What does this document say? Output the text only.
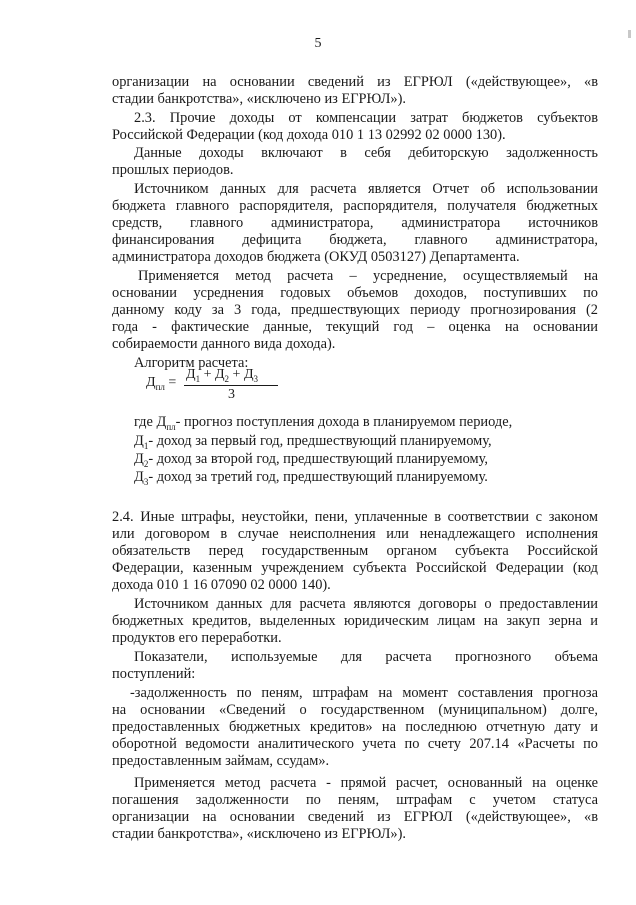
5
организации на основании сведений из ЕГРЮЛ («действующее», «в
стадии банкротства», «исключено из ЕГРЮЛ»).
2.3. Прочие доходы от компенсации затрат бюджетов субъектов
Российской Федерации (код дохода 010 1 13 02992 02 0000 130).
Данные доходы включают в себя дебиторскую задолженность
прошлых периодов.
Источником данных для расчета является Отчет об использовании
бюджета главного распорядителя, распорядителя, получателя бюджетных
средств, главного администратора, администратора источников
финансирования дефицита бюджета, главного администратора,
администратора доходов бюджета (ОКУД 0503127) Департамента.
Применяется метод расчета – усреднение, осуществляемый на
основании усреднения годовых объемов доходов, поступивших по
данному коду за 3 года, предшествующих периоду прогнозирования (2
года - фактические данные, текущий год – оценка на основании
собираемости данного вида дохода).
Алгоритм расчета:
$Д_{пл}$ =
$Д_1 + Д_2 + Д_3$
3
где $Д_{пл}-$ прогноз поступления дохода в планируемом периоде,
$Д_1-$ доход за первый год, предшествующий планируемому,
$Д_2-$ доход за второй год, предшествующий планируемому,
$Д_3-$ доход за третий год, предшествующий планируемому.
2.4. Иные штрафы, неустойки, пени, уплаченные в соответствии с законом
или договором в случае неисполнения или ненадлежащего исполнения
обязательств перед государственным органом субъекта Российской
Федерации, казенным учреждением субъекта Российской Федерации (код
дохода 010 1 16 07090 02 0000 140).
Источником данных для расчета являются договоры о предоставлении
бюджетных кредитов, выделенных юридическим лицам на закуп зерна и
продуктов его переработки.
Показатели, используемые для расчета прогнозного объема
поступлений:
-задолженность по пеням, штрафам на момент составления прогноза
на основании «Сведений о государственном (муниципальном) долге,
предоставленных бюджетных кредитов» на последнюю отчетную дату и
оборотной ведомости аналитического учета по счету 207.14 «Расчеты по
предоставленным займам, ссудам».
Применяется метод расчета - прямой расчет, основанный на оценке
погашения задолженности по пеням, штрафам с учетом статуса
организации на основании сведений из ЕГРЮЛ («действующее», «в
стадии банкротства», «исключено из ЕГРЮЛ»).
